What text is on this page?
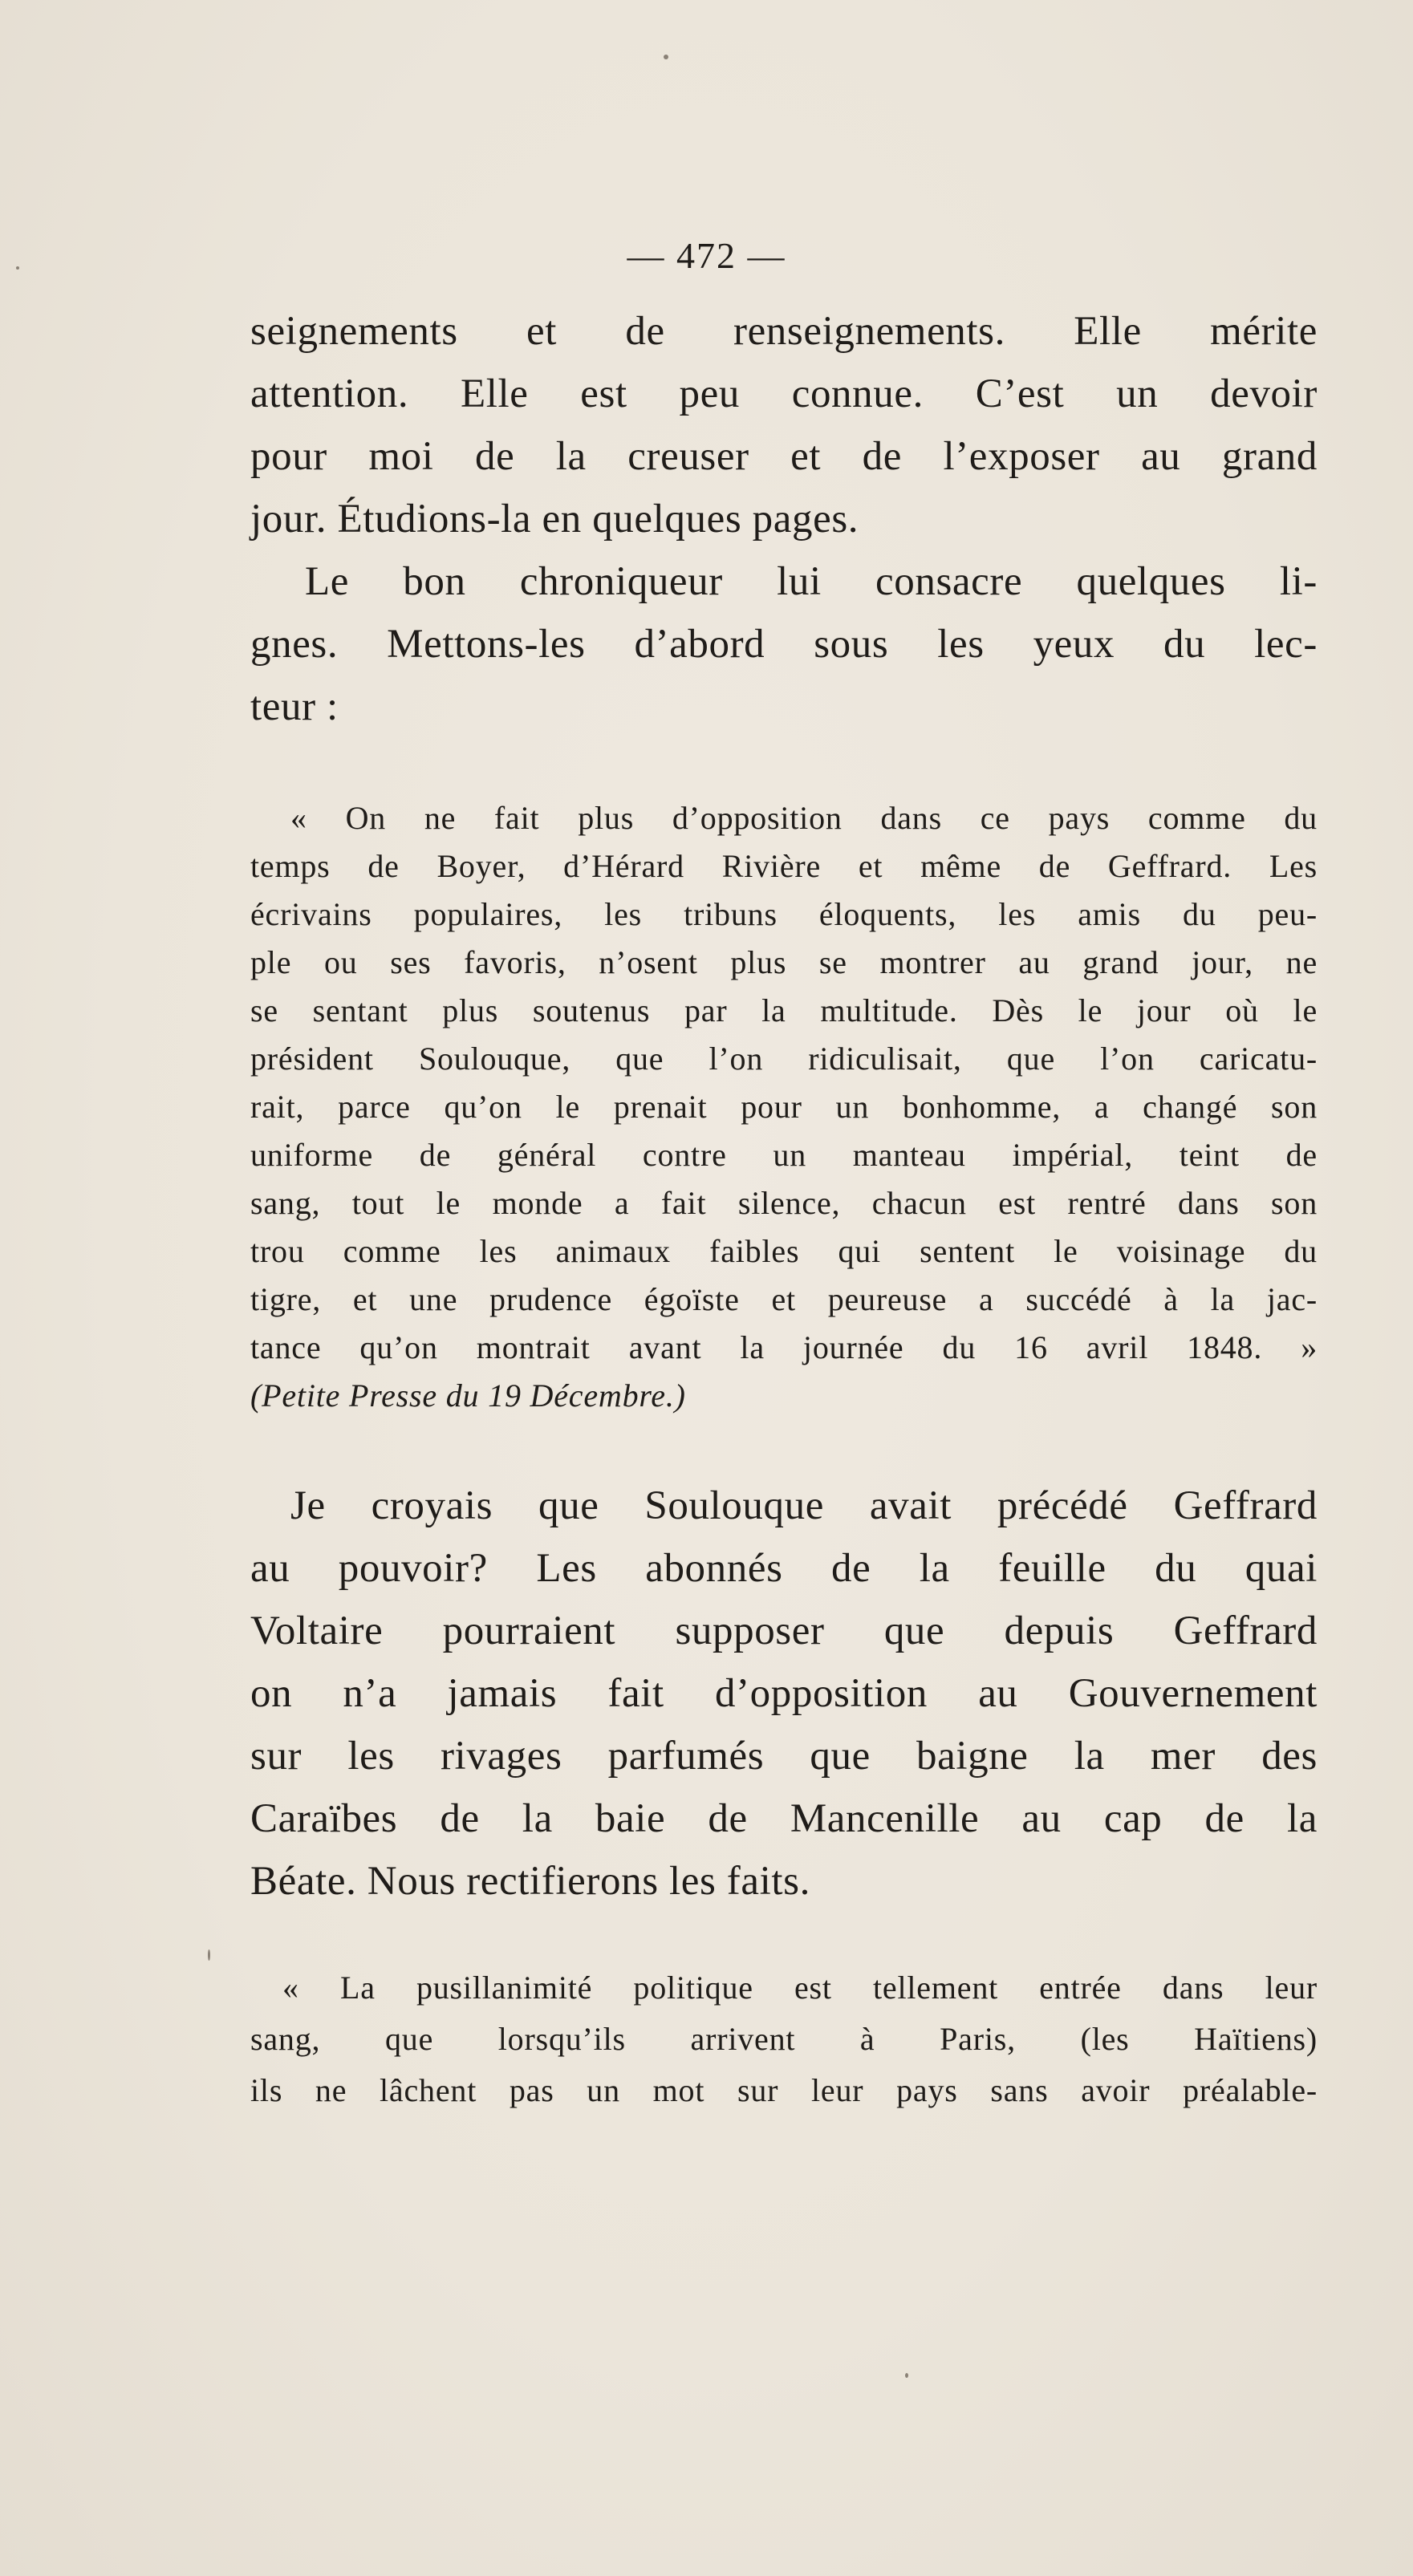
— 472 —
seignements et de renseignements. Elle mérite
attention. Elle est peu connue. C’est un devoir
pour moi de la creuser et de l’exposer au grand
jour. Étudions-la en quelques pages.
Le bon chroniqueur lui consacre quelques li-
gnes. Mettons-les d’abord sous les yeux du lec-
teur :
« On ne fait plus d’opposition dans ce pays comme du
temps de Boyer, d’Hérard Rivière et même de Geffrard. Les
écrivains populaires, les tribuns éloquents, les amis du peu-
ple ou ses favoris, n’osent plus se montrer au grand jour, ne
se sentant plus soutenus par la multitude. Dès le jour où le
président Soulouque, que l’on ridiculisait, que l’on caricatu-
rait, parce qu’on le prenait pour un bonhomme, a changé son
uniforme de général contre un manteau impérial, teint de
sang, tout le monde a fait silence, chacun est rentré dans son
trou comme les animaux faibles qui sentent le voisinage du
tigre, et une prudence égoïste et peureuse a succédé à la jac-
tance qu’on montrait avant la journée du 16 avril 1848. »
(Petite Presse du 19 Décembre.)
Je croyais que Soulouque avait précédé Geffrard
au pouvoir? Les abonnés de la feuille du quai
Voltaire pourraient supposer que depuis Geffrard
on n’a jamais fait d’opposition au Gouvernement
sur les rivages parfumés que baigne la mer des
Caraïbes de la baie de Mancenille au cap de la
Béate. Nous rectifierons les faits.
« La pusillanimité politique est tellement entrée dans leur
sang, que lorsqu’ils arrivent à Paris, (les Haïtiens)
ils ne lâchent pas un mot sur leur pays sans avoir préalable-
